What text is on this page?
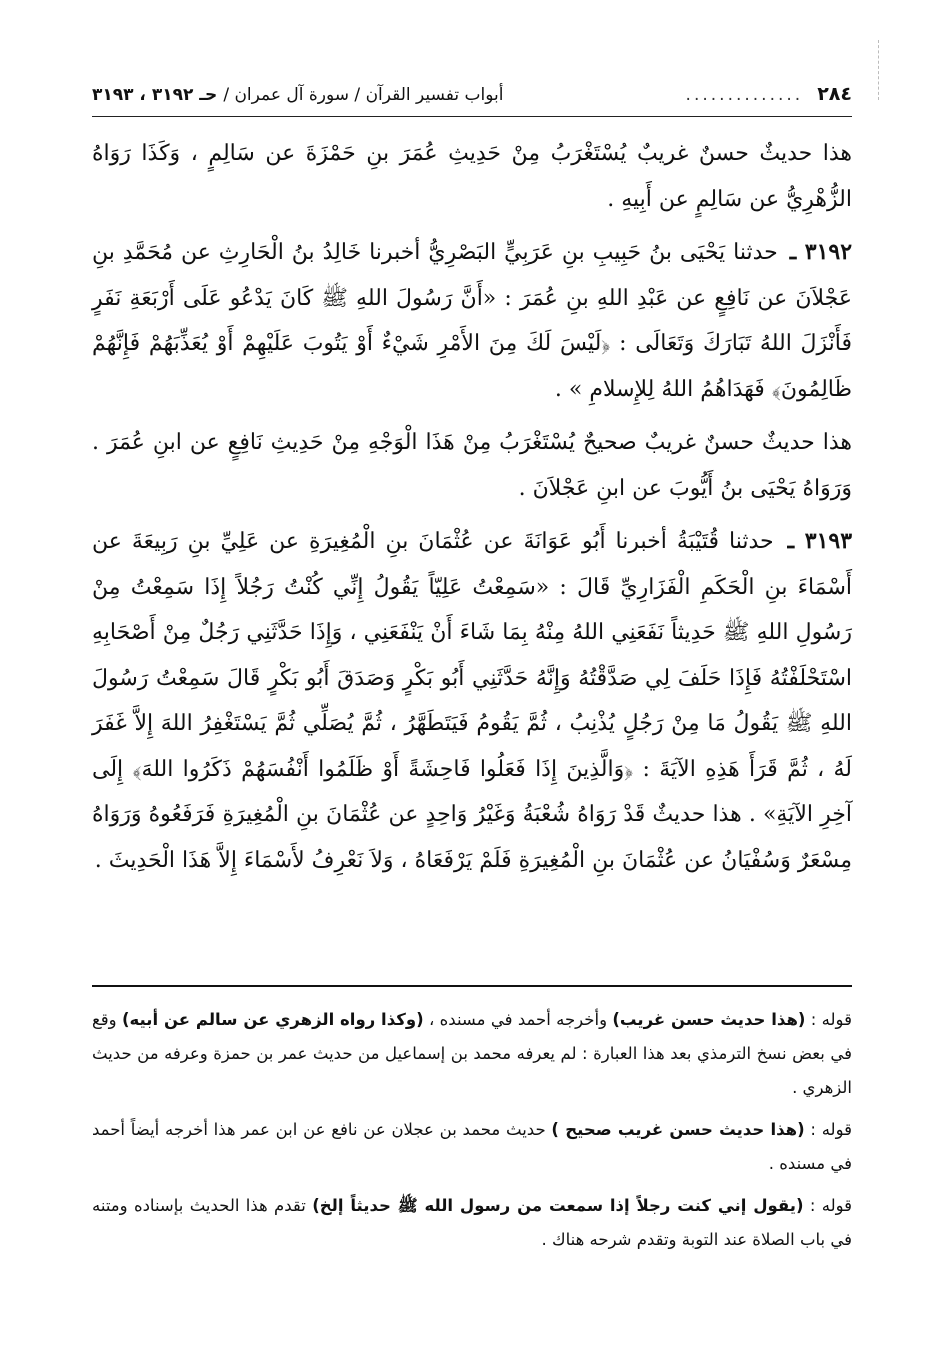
٢٨٤
..............
أبواب تفسير القرآن / سورة آل عمران /
حـ ٣١٩٢ ، ٣١٩٣

هذا حديثٌ حسنٌ غريبٌ يُسْتَغْرَبُ مِنْ حَدِيثِ عُمَرَ بنِ حَمْزَةَ عن سَالِمٍ ، وَكَذَا رَوَاهُ الزُّهْرِيُّ عن سَالِمٍ عن أَبِيهِ .

٣١٩٢ ـ حدثنا يَحْيَى بنُ حَبِيبِ بنِ عَرَبِيٍّ البَصْرِيُّ أخبرنا خَالِدُ بنُ الْحَارِثِ عن مُحَمَّدِ بنِ عَجْلاَنَ عن نَافِعٍ عن عَبْدِ اللهِ بنِ عُمَرَ : «أَنَّ رَسُولَ اللهِ ﷺ كَانَ يَدْعُو عَلَى أَرْبَعَةِ نَفَرٍ فَأَنْزَلَ اللهُ تَبَارَكَ وَتَعَالَى : ﴿لَيْسَ لَكَ مِنَ الأَمْرِ شَيْءٌ أَوْ يَتُوبَ عَلَيْهِمْ أَوْ يُعَذِّبَهُمْ فَإِنَّهُمْ ظَالِمُونَ﴾ فَهَدَاهُمُ اللهُ لِلإِسلامِ » .

هذا حديثٌ حسنٌ غريبٌ صحيحٌ يُسْتَغْرَبُ مِنْ هَذَا الْوَجْهِ مِنْ حَدِيثِ نَافِعٍ عن ابنِ عُمَرَ . وَرَوَاهُ يَحْيَى بنُ أَيُّوبَ عن ابنِ عَجْلاَنَ .

٣١٩٣ ـ حدثنا قُتَيْبَةُ أخبرنا أَبُو عَوَانَةَ عن عُثْمَانَ بنِ الْمُغِيرَةِ عن عَلِيِّ بنِ رَبِيعَةَ عن أَسْمَاءَ بنِ الْحَكَمِ الْفَزَارِيِّ قَالَ : «سَمِعْتُ عَلِيّاً يَقُولُ إِنِّي كُنْتُ رَجُلاً إِذَا سَمِعْتُ مِنْ رَسُولِ اللهِ ﷺ حَدِيثاً نَفَعَنِي اللهُ مِنْهُ بِمَا شَاءَ أَنْ يَنْفَعَنِي ، وَإِذَا حَدَّثَنِي رَجُلٌ مِنْ أَصْحَابِهِ اسْتَحْلَفْتُهُ فَإِذَا حَلَفَ لِي صَدَّقْتُهُ وَإِنَّهُ حَدَّثَنِي أَبُو بَكْرٍ وَصَدَقَ أَبُو بَكْرٍ قَالَ سَمِعْتُ رَسُولَ اللهِ ﷺ يَقُولُ مَا مِنْ رَجُلٍ يُذْنِبُ ، ثُمَّ يَقُومُ فَيَتَطَهَّرُ ، ثُمَّ يُصَلِّي ثُمَّ يَسْتَغْفِرُ اللهَ إِلاَّ غَفَرَ لَهُ ، ثُمَّ قَرَأَ هَذِهِ الآيَةَ : ﴿وَالَّذِينَ إِذَا فَعَلُوا فَاحِشَةً أَوْ ظَلَمُوا أَنْفُسَهُمْ ذَكَرُوا اللهَ﴾ إِلَى آخِرِ الآيَةِ» . هذا حديثٌ قَدْ رَوَاهُ شُعْبَةُ وَغَيْرُ وَاحِدٍ عن عُثْمَانَ بنِ الْمُغِيرَةِ فَرَفَعُوهُ وَرَوَاهُ مِسْعَرٌ وَسُفْيَانُ عن عُثْمَانَ بنِ الْمُغِيرَةِ فَلَمْ يَرْفَعَاهُ ، وَلاَ نَعْرِفُ لأَسْمَاءَ إِلاَّ هَذَا الْحَدِيثَ .

قوله : (هذا حديث حسن غريب) وأخرجه أحمد في مسنده ، (وكذا رواه الزهري عن سالم عن أبيه) وقع في بعض نسخ الترمذي بعد هذا العبارة : لم يعرفه محمد بن إسماعيل من حديث عمر بن حمزة وعرفه من حديث الزهري .

قوله : (هذا حديث حسن غريب صحيح ) حديث محمد بن عجلان عن نافع عن ابن عمر هذا أخرجه أيضاً أحمد في مسنده .

قوله : (يقول إني كنت رجلاً إذا سمعت من رسول الله ﷺ حديثاً إلخ) تقدم هذا الحديث بإسناده ومتنه في باب الصلاة عند التوبة وتقدم شرحه هناك .
